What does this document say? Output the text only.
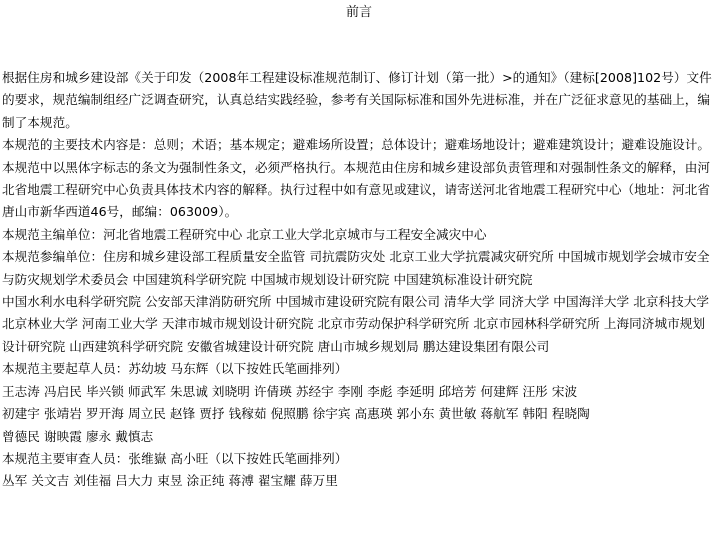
前言

根据住房和城乡建设部《关于印发（2008年工程建设标准规范制订、修订计划（第一批）>的通知》（建标[2008]102号）文件的要求，规范编制组经广泛调查研究，认真总结实践经验，参考有关国际标准和国外先进标准，并在广泛征求意见的基础上，编制了本规范。

本规范的主要技术内容是：总则；术语；基本规定；避难场所设置；总体设计；避难场地设计；避难建筑设计；避难设施设计。

本规范中以黑体字标志的条文为强制性条文，必须严格执行。本规范由住房和城乡建设部负责管理和对强制性条文的解释，由河北省地震工程研究中心负责具体技术内容的解释。执行过程中如有意见或建议，请寄送河北省地震工程研究中心（地址：河北省唐山市新华西道46号，邮编：063009）。

本规范主编单位：河北省地震工程研究中心 北京工业大学北京城市与工程安全减灾中心

本规范参编单位：住房和城乡建设部工程质量安全监管 司抗震防灾处 北京工业大学抗震减灾研究所 中国城市规划学会城市安全与防灾规划学术委员会 中国建筑科学研究院 中国城市规划设计研究院 中国建筑标准设计研究院

中国水利水电科学研究院 公安部天津消防研究所 中国城市建设研究院有限公司 清华大学 同济大学 中国海洋大学 北京科技大学 北京林业大学 河南工业大学 天津市城市规划设计研究院 北京市劳动保护科学研究所 北京市园林科学研究所 上海同济城市规划设计研究院 山西建筑科学研究院 安徽省城建设计研究院 唐山市城乡规划局 鹏达建设集团有限公司

本规范主要起草人员：苏幼坡 马东辉（以下按姓氏笔画排列）

王志涛 冯启民 毕兴锁 师武军 朱思诚 刘晓明 许倩瑛 苏经宇 李刚 李彪 李延明 邱培芳 何建辉 汪彤 宋波

初建宇 张靖岩 罗开海 周立民 赵锋 贾抒 钱稼茹 倪照鹏 徐宇宾 高惠瑛 郭小东 黄世敏 蒋航军 韩阳 程晓陶

曾德民 谢映霞 廖永 戴慎志

本规范主要审查人员：张维嶽 高小旺（以下按姓氏笔画排列）

丛军 关文吉 刘佳福 吕大力 束昱 涂正纯 蒋溥 翟宝耀 薛万里
